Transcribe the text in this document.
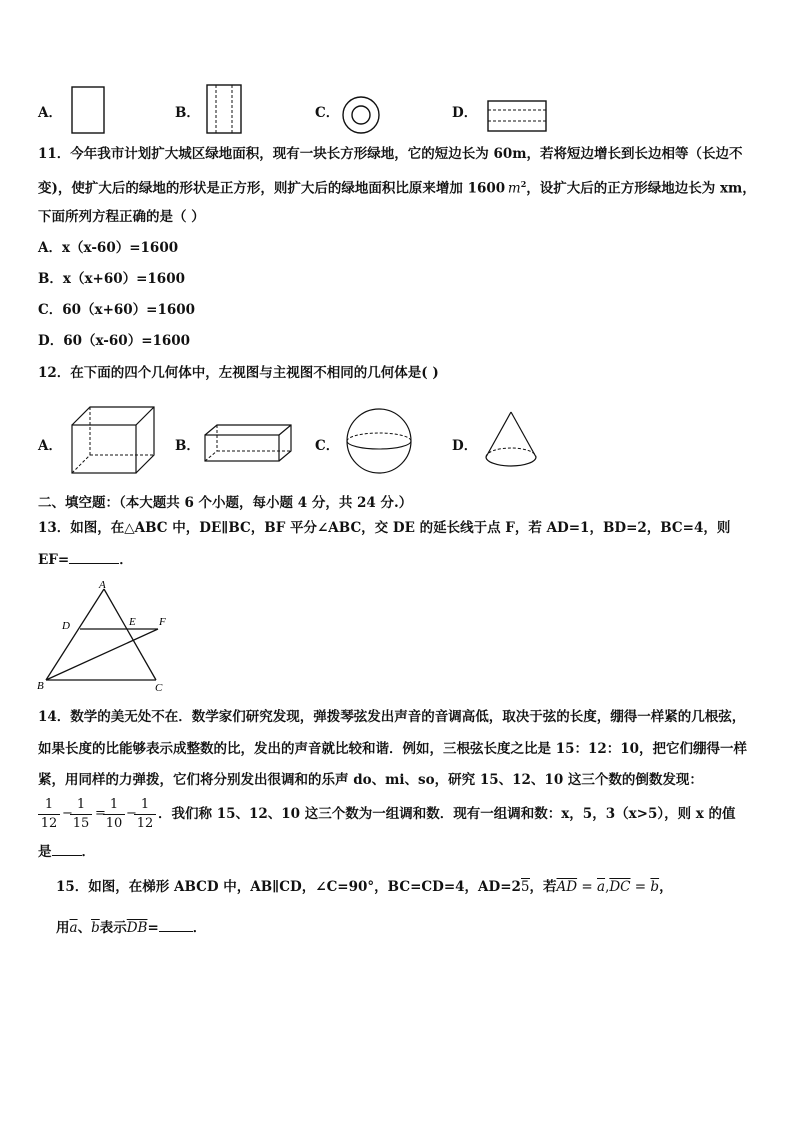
A．	B．	C．	D．
11．今年我市计划扩大城区绿地面积，现有一块长方形绿地，它的短边长为 60m，若将短边增长到长边相等（长边不
变)，使扩大后的绿地的形状是正方形，则扩大后的绿地面积比原来增加 1600  $m^2$，设扩大后的正方形绿地边长为 xm，
下面所列方程正确的是（ ）
A．x（x-60）=1600
B．x（x+60）=1600
C．60（x+60）=1600
D．60（x-60）=1600
12．在下面的四个几何体中，左视图与主视图不相同的几何体是( )
A．	B．	C．	D．
二、填空题：（本大题共 6 个小题，每小题 4 分，共 24 分.）
13．如图，在△ABC 中，DE∥BC，BF 平分∠ABC，交 DE 的延长线于点 F，若 AD=1，BD=2，BC=4，则
EF=	．
A
D	E F
B	C
14．数学的美无处不在．数学家们研究发现，弹拨琴弦发出声音的音调高低，取决于弦的长度，绷得一样紧的几根弦，
如果长度的比能够表示成整数的比，发出的声音就比较和谐．例如，三根弦长度之比是 15：12：10，把它们绷得一样
紧，用同样的力弹拨，它们将分别发出很调和的乐声 do、mi、so，研究 15、12、10 这三个数的倒数发现：
$\frac{1}{12}$ −
$\frac{1}{15}$ =
$\frac{1}{10}$ −
$\frac{1}{12}$ ．我们称 15、12、10 这三个数为一组调和数．现有一组调和数：x，5，3（x>5），则 x 的值
是 ．
15．如图，在梯形 ABCD 中，AB∥CD，∠C=90°，BC=CD=4，AD=25，若$\overline{AD} = \overline{a},\overline{DC} = \overline{b}$，
用$\overline{a}$、$\overline{b}$表示$\overline{DB}=$	．
